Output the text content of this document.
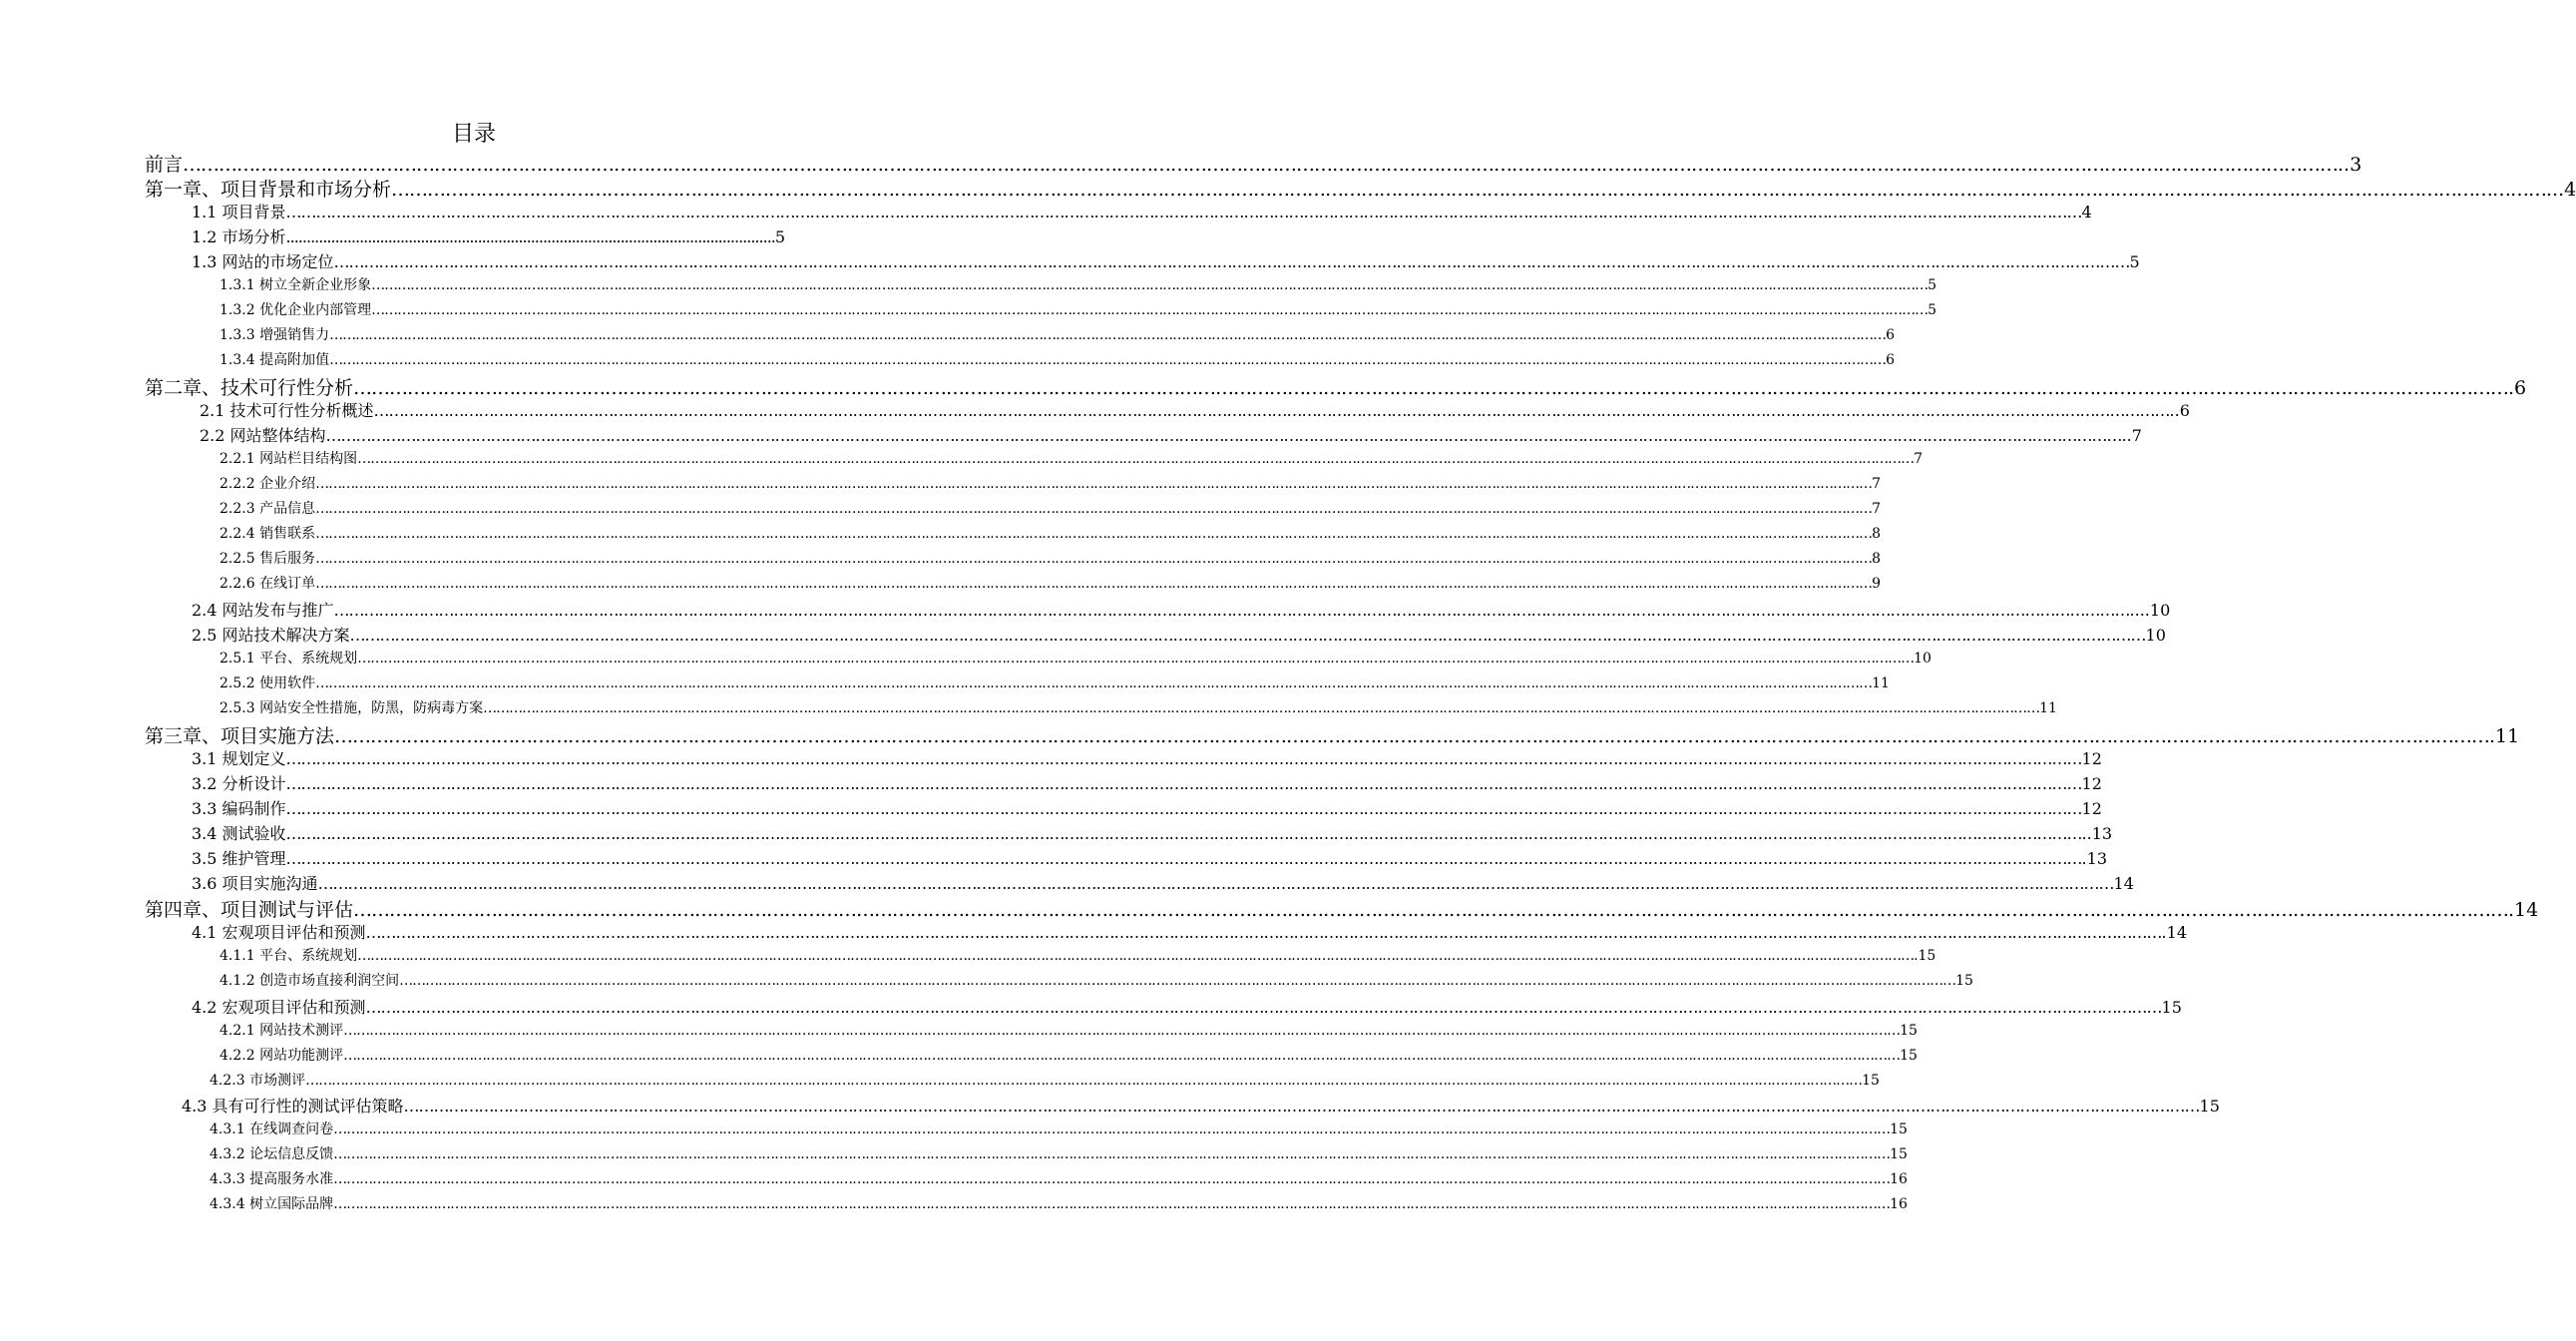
目录
前言 ……………………………………………………………………………………………………………………………………………………………………………………………………………………………………………………………………………………………………………………………… ..3
第一章、项目背景和市场分析 ……………………………………………………………………………………………………………………………………………………………………………………………………………………………………………………………………………………………………………………………… ...4
1.1 项目背景 ……………………………………………………………………………………………………………………………………………………………………………………………………………………………………………………………………………………………………………………………… 4
1.2 市场分析 ........................................................................................................................ 5
1.3 网站的市场定位 ……………………………………………………………………………………………………………………………………………………………………………………………………………………………………………………………………………………………………………………………… 5
1.3.1 树立全新企业形象 ……………………………………………………………………………………………………………………………………………………………………………………………………………………………………………………………………………………………………………………………… 5
1.3.2 优化企业内部管理 ……………………………………………………………………………………………………………………………………………………………………………………………………………………………………………………………………………………………………………………………… 5
1.3.3 增强销售力 ……………………………………………………………………………………………………………………………………………………………………………………………………………………………………………………………………………………………………………………………… 6
1.3.4 提高附加值 ……………………………………………………………………………………………………………………………………………………………………………………………………………………………………………………………………………………………………………………………… 6
第二章、技术可行性分析 ……………………………………………………………………………………………………………………………………………………………………………………………………………………………………………………………………………………………………………………………… .6
2.1 技术可行性分析概述 ……………………………………………………………………………………………………………………………………………………………………………………………………………………………………………………………………………………………………………………………… ..6
2.2 网站整体结构 ……………………………………………………………………………………………………………………………………………………………………………………………………………………………………………………………………………………………………………………………… ..7
2.2.1 网站栏目结构图 ……………………………………………………………………………………………………………………………………………………………………………………………………………………………………………………………………………………………………………………………… 7
2.2.2 企业介绍 ……………………………………………………………………………………………………………………………………………………………………………………………………………………………………………………………………………………………………………………………… 7
2.2.3 产品信息 ……………………………………………………………………………………………………………………………………………………………………………………………………………………………………………………………………………………………………………………………… 7
2.2.4 销售联系 ……………………………………………………………………………………………………………………………………………………………………………………………………………………………………………………………………………………………………………………………… 8
2.2.5 售后服务 ……………………………………………………………………………………………………………………………………………………………………………………………………………………………………………………………………………………………………………………………… 8
2.2.6 在线订单 ……………………………………………………………………………………………………………………………………………………………………………………………………………………………………………………………………………………………………………………………… 9
2.4 网站发布与推广 ……………………………………………………………………………………………………………………………………………………………………………………………………………………………………………………………………………………………………………………………… ....10
2.5 网站技术解决方案 ……………………………………………………………………………………………………………………………………………………………………………………………………………………………………………………………………………………………………………………………… 10
2.5.1 平台、系统规划 ……………………………………………………………………………………………………………………………………………………………………………………………………………………………………………………………………………………………………………………………… 10
2.5.2 使用软件 ……………………………………………………………………………………………………………………………………………………………………………………………………………………………………………………………………………………………………………………………… 11
2.5.3 网站安全性措施，防黑，防病毒方案 ……………………………………………………………………………………………………………………………………………………………………………………………………………………………………………………………………………………………………………………………… 11
第三章、项目实施方法 ……………………………………………………………………………………………………………………………………………………………………………………………………………………………………………………………………………………………………………………………… .11
3.1 规划定义 ……………………………………………………………………………………………………………………………………………………………………………………………………………………………………………………………………………………………………………………………… 12
3.2 分析设计 ……………………………………………………………………………………………………………………………………………………………………………………………………………………………………………………………………………………………………………………………… 12
3.3 编码制作 ……………………………………………………………………………………………………………………………………………………………………………………………………………………………………………………………………………………………………………………………… 12
3.4 测试验收 ……………………………………………………………………………………………………………………………………………………………………………………………………………………………………………………………………………………………………………………………… ..13
3.5 维护管理 ……………………………………………………………………………………………………………………………………………………………………………………………………………………………………………………………………………………………………………………………… .13
3.6 项目实施沟通 ……………………………………………………………………………………………………………………………………………………………………………………………………………………………………………………………………………………………………………………………… 14
第四章、项目测试与评估 ……………………………………………………………………………………………………………………………………………………………………………………………………………………………………………………………………………………………………………………………… .14
4.1 宏观项目评估和预测 ……………………………………………………………………………………………………………………………………………………………………………………………………………………………………………………………………………………………………………………………… .14
4.1.1 平台、系统规划 ……………………………………………………………………………………………………………………………………………………………………………………………………………………………………………………………………………………………………………………………… .15
4.1.2 创造市场直接利润空间 ……………………………………………………………………………………………………………………………………………………………………………………………………………………………………………………………………………………………………………………………… 15
4.2 宏观项目评估和预测 ……………………………………………………………………………………………………………………………………………………………………………………………………………………………………………………………………………………………………………………………… 15
4.2.1 网站技术测评 ……………………………………………………………………………………………………………………………………………………………………………………………………………………………………………………………………………………………………………………………… 15
4.2.2 网站功能测评 ……………………………………………………………………………………………………………………………………………………………………………………………………………………………………………………………………………………………………………………………… 15
4.2.3 市场测评 ……………………………………………………………………………………………………………………………………………………………………………………………………………………………………………………………………………………………………………………………… 15
4.3 具有可行性的测试评估策略 ……………………………………………………………………………………………………………………………………………………………………………………………………………………………………………………………………………………………………………………………… 15
4.3.1 在线调查问卷 ……………………………………………………………………………………………………………………………………………………………………………………………………………………………………………………………………………………………………………………………… 15
4.3.2 论坛信息反馈 ……………………………………………………………………………………………………………………………………………………………………………………………………………………………………………………………………………………………………………………………… 15
4.3.3 提高服务水准 ……………………………………………………………………………………………………………………………………………………………………………………………………………………………………………………………………………………………………………………………… 16
4.3.4 树立国际品牌 ……………………………………………………………………………………………………………………………………………………………………………………………………………………………………………………………………………………………………………………………… 16
